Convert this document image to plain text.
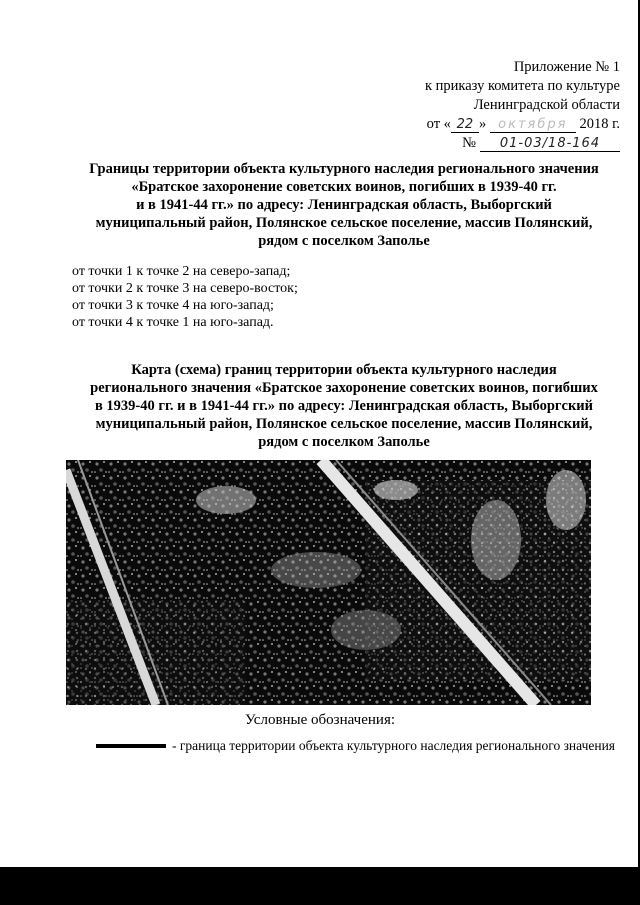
Приложение № 1
к приказу комитета по культуре
Ленинградской области
от « 22 » октября 2018 г.
№ 01-03/18-164
Границы территории объекта культурного наследия регионального значения
«Братское захоронение советских воинов, погибших в 1939-40 гг.
и в 1941-44 гг.» по адресу: Ленинградская область, Выборгский
муниципальный район, Полянское сельское поселение, массив Полянский,
рядом с поселком Заполье
от точки 1 к точке 2 на северо-запад;
от точки 2 к точке 3 на северо-восток;
от точки 3 к точке 4 на юго-запад;
от точки 4 к точке 1 на юго-запад.
Карта (схема) границ территории объекта культурного наследия
регионального значения «Братское захоронение советских воинов, погибших
в 1939-40 гг. и в 1941-44 гг.» по адресу: Ленинградская область, Выборгский
муниципальный район, Полянское сельское поселение, массив Полянский,
рядом с поселком Заполье
Условные обозначения:
- граница территории объекта культурного наследия регионального значения
